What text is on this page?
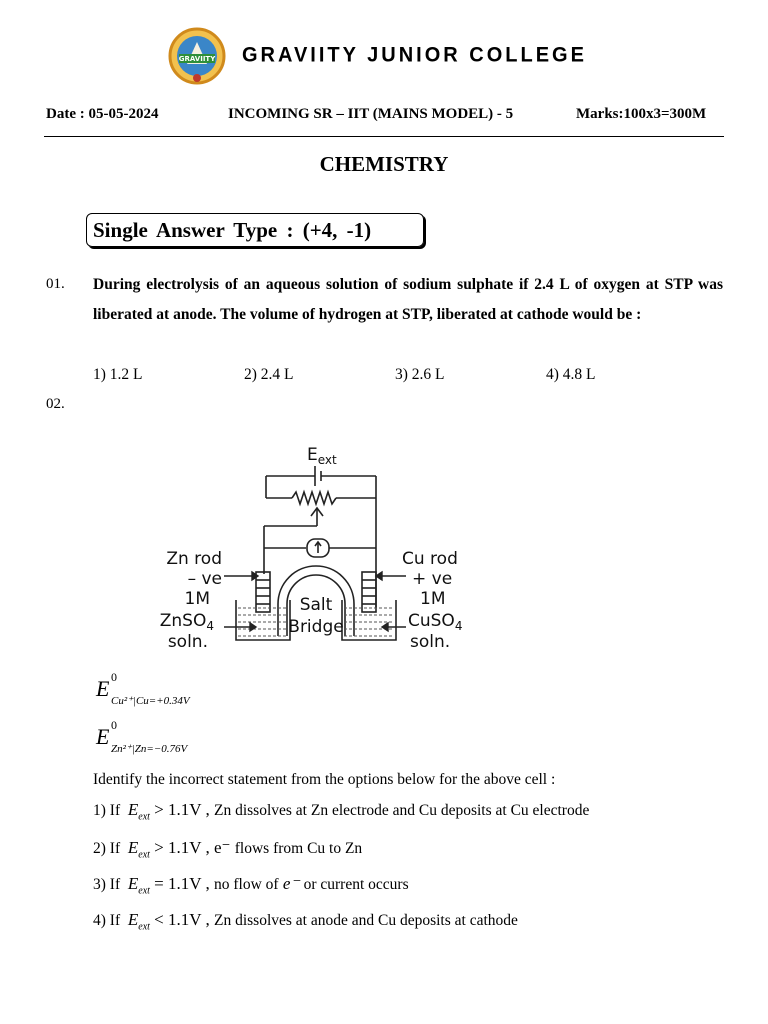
GRAVIITY GRAVIITY JUNIOR COLLEGE
Date : 05-05-2024	INCOMING SR – IIT (MAINS MODEL) - 5	Marks:100x3=300M
CHEMISTRY
Single Answer Type : (+4, -1)
01. During electrolysis of an aqueous solution of sodium sulphate if 2.4 L of oxygen at STP was liberated at anode. The volume of hydrogen at STP, liberated at cathode would be :
1) 1.2 L	2) 2.4 L	3) 2.6 L	4) 4.8 L
02.
$E_{ext}$
Zn rod
– ve
1M
ZnSO$_4$
soln.
Cu rod
+ ve
1M
CuSO$_4$
soln.
Salt
Bridge
E 0
Cu²⁺|Cu=+0.34V
E 0
Zn²⁺|Zn=−0.76V
Identify the incorrect statement from the options below for the above cell :
1) If $E_{ext} > 1.1V$ , Zn dissolves at Zn electrode and Cu deposits at Cu electrode
2) If $E_{ext} > 1.1V$ , e⁻ flows from Cu to Zn
3) If $E_{ext} = 1.1V$ , no flow of e⁻ or current occurs
4) If $E_{ext} < 1.1V$ , Zn dissolves at anode and Cu deposits at cathode
